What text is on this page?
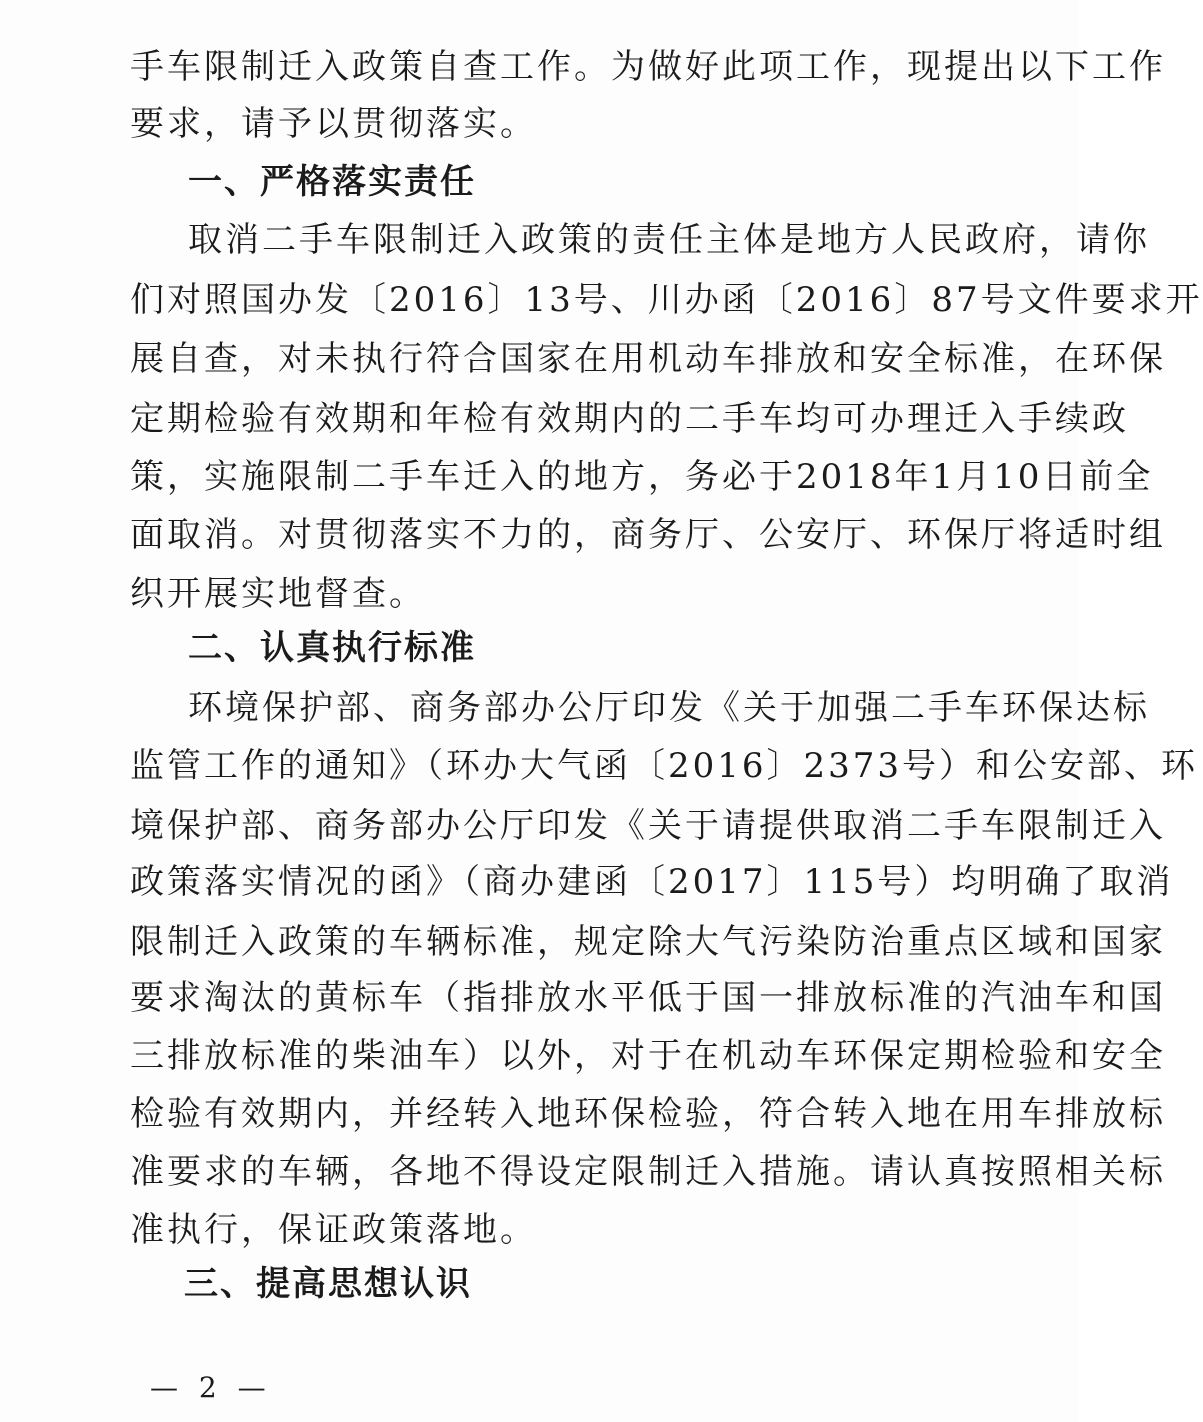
手车限制迁入政策自查工作。为做好此项工作，现提出以下工作
要求，请予以贯彻落实。
一、严格落实责任
取消二手车限制迁入政策的责任主体是地方人民政府，请你
们对照国办发〔2016〕13号、川办函〔2016〕87号文件要求开
展自查，对未执行符合国家在用机动车排放和安全标准，在环保
定期检验有效期和年检有效期内的二手车均可办理迁入手续政
策，实施限制二手车迁入的地方，务必于2018年1月10日前全
面取消。对贯彻落实不力的，商务厅、公安厅、环保厅将适时组
织开展实地督查。
二、认真执行标准
环境保护部、商务部办公厅印发《关于加强二手车环保达标
监管工作的通知》（环办大气函〔2016〕2373号）和公安部、环
境保护部、商务部办公厅印发《关于请提供取消二手车限制迁入
政策落实情况的函》（商办建函〔2017〕115号）均明确了取消
限制迁入政策的车辆标准，规定除大气污染防治重点区域和国家
要求淘汰的黄标车（指排放水平低于国一排放标准的汽油车和国
三排放标准的柴油车）以外，对于在机动车环保定期检验和安全
检验有效期内，并经转入地环保检验，符合转入地在用车排放标
准要求的车辆，各地不得设定限制迁入措施。请认真按照相关标
准执行，保证政策落地。
三、提高思想认识
— 2 —
